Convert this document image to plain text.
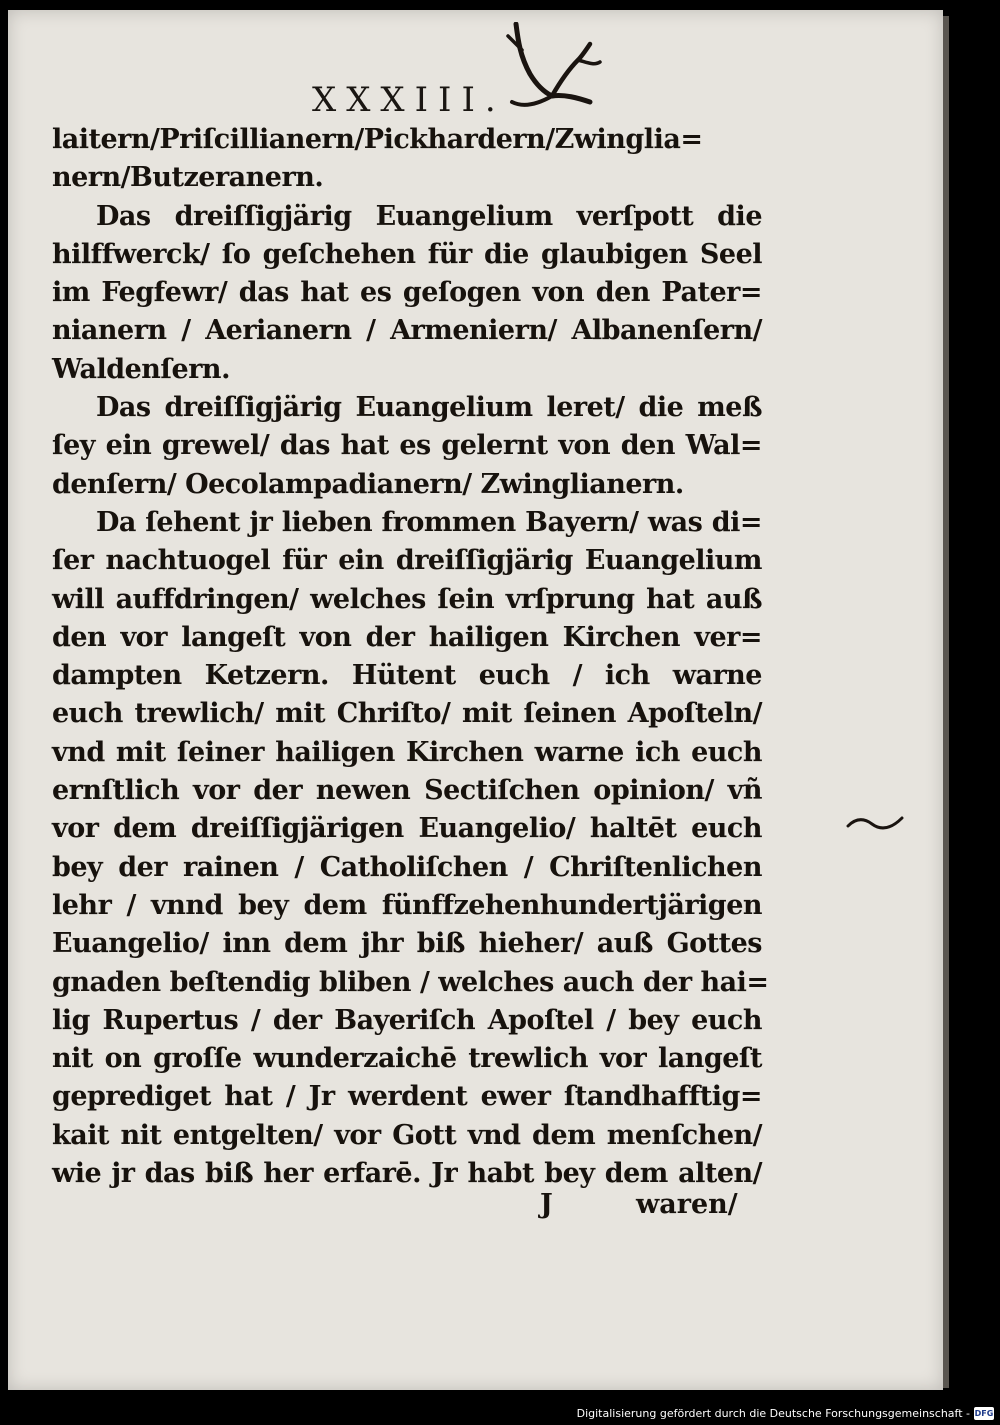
XXXIII.
laitern/Priſcillianern/Pickhardern/Zwinglia=
nern/Butzeranern.
Das dreiſſigjärig Euangelium verſpott die
hilffwerck/ ſo geſchehen für die glaubigen Seel
im Fegfewr/ das hat es geſogen von den Pater=
nianern / Aerianern / Armeniern/ Albanenſern/
Waldenſern.
Das dreiſſigjärig Euangelium leret/ die meß
ſey ein grewel/ das hat es gelernt von den Wal=
denſern/ Oecolampadianern/ Zwinglianern.
Da ſehent jr lieben frommen Bayern/ was di=
ſer nachtuogel für ein dreiſſigjärig Euangelium
will auffdringen/ welches ſein vrſprung hat auß
den vor langeſt von der hailigen Kirchen ver=
dampten Ketzern. Hütent euch / ich warne
euch trewlich/ mit Chriſto/ mit ſeinen Apoſteln/
vnd mit ſeiner hailigen Kirchen warne ich euch
ernſtlich vor der newen Sectiſchen opinion/ vñ
vor dem dreiſſigjärigen Euangelio/ haltēt euch
bey der rainen / Catholiſchen / Chriſtenlichen
lehr / vnnd bey dem fünffzehenhundertjärigen
Euangelio/ inn dem jhr biß hieher/ auß Gottes
gnaden beſtendig bliben / welches auch der hai=
lig Rupertus / der Bayeriſch Apoſtel / bey euch
nit on groſſe wunderzaichē trewlich vor langeſt
geprediget hat / Jr werdent ewer ſtandhafftig=
kait nit entgelten/ vor Gott vnd dem menſchen/
wie jr das biß her erfarē. Jr habt bey dem alten/
J	waren/
Digitalisierung gefördert durch die Deutsche Forschungsgemeinschaft - DFG
